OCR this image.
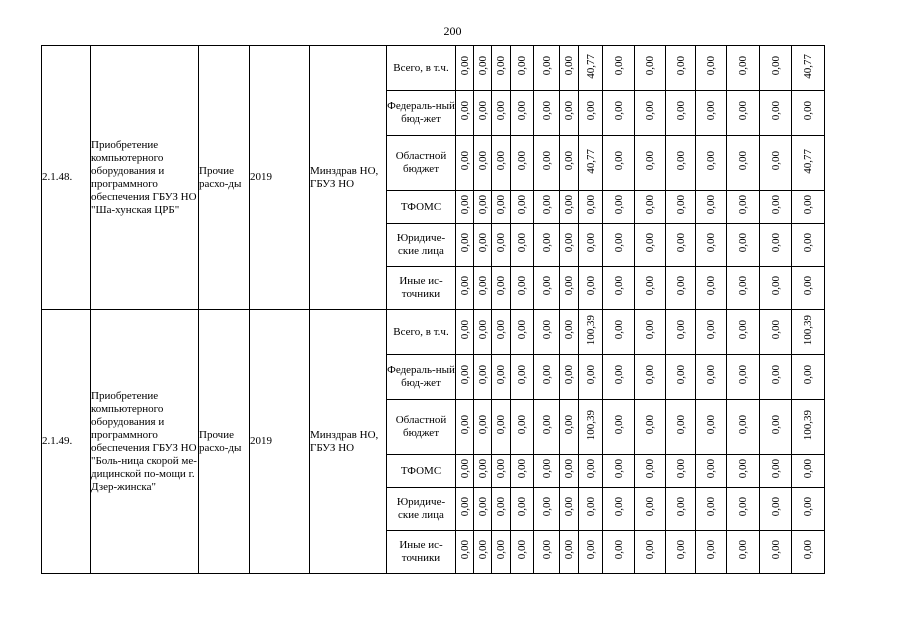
200
2.1.48.	Приобретение компьютерного оборудования и программного обеспечения ГБУЗ НО "Ша-хунская ЦРБ"	Прочие расхо-ды	2019	Минздрав НО, ГБУЗ НО	Всего, в т.ч.	0,00	0,00	0,00	0,00	0,00	0,00	40,77	0,00	0,00	0,00	0,00	0,00	0,00	40,77
					Федераль-ный бюд-жет	0,00	0,00	0,00	0,00	0,00	0,00	0,00	0,00	0,00	0,00	0,00	0,00	0,00	0,00
					Областной бюджет	0,00	0,00	0,00	0,00	0,00	0,00	40,77	0,00	0,00	0,00	0,00	0,00	0,00	40,77
					ТФОМС	0,00	0,00	0,00	0,00	0,00	0,00	0,00	0,00	0,00	0,00	0,00	0,00	0,00	0,00
					Юридиче-ские лица	0,00	0,00	0,00	0,00	0,00	0,00	0,00	0,00	0,00	0,00	0,00	0,00	0,00	0,00
					Иные ис-точники	0,00	0,00	0,00	0,00	0,00	0,00	0,00	0,00	0,00	0,00	0,00	0,00	0,00	0,00
2.1.49.	Приобретение компьютерного оборудования и программного обеспечения ГБУЗ НО "Боль-ница скорой ме-дицинской по-мощи г. Дзер-жинска"	Прочие расхо-ды	2019	Минздрав НО, ГБУЗ НО	Всего, в т.ч.	0,00	0,00	0,00	0,00	0,00	0,00	100,39	0,00	0,00	0,00	0,00	0,00	0,00	100,39
					Федераль-ный бюд-жет	0,00	0,00	0,00	0,00	0,00	0,00	0,00	0,00	0,00	0,00	0,00	0,00	0,00	0,00
					Областной бюджет	0,00	0,00	0,00	0,00	0,00	0,00	100,39	0,00	0,00	0,00	0,00	0,00	0,00	100,39
					ТФОМС	0,00	0,00	0,00	0,00	0,00	0,00	0,00	0,00	0,00	0,00	0,00	0,00	0,00	0,00
					Юридиче-ские лица	0,00	0,00	0,00	0,00	0,00	0,00	0,00	0,00	0,00	0,00	0,00	0,00	0,00	0,00
					Иные ис-точники	0,00	0,00	0,00	0,00	0,00	0,00	0,00	0,00	0,00	0,00	0,00	0,00	0,00	0,00
